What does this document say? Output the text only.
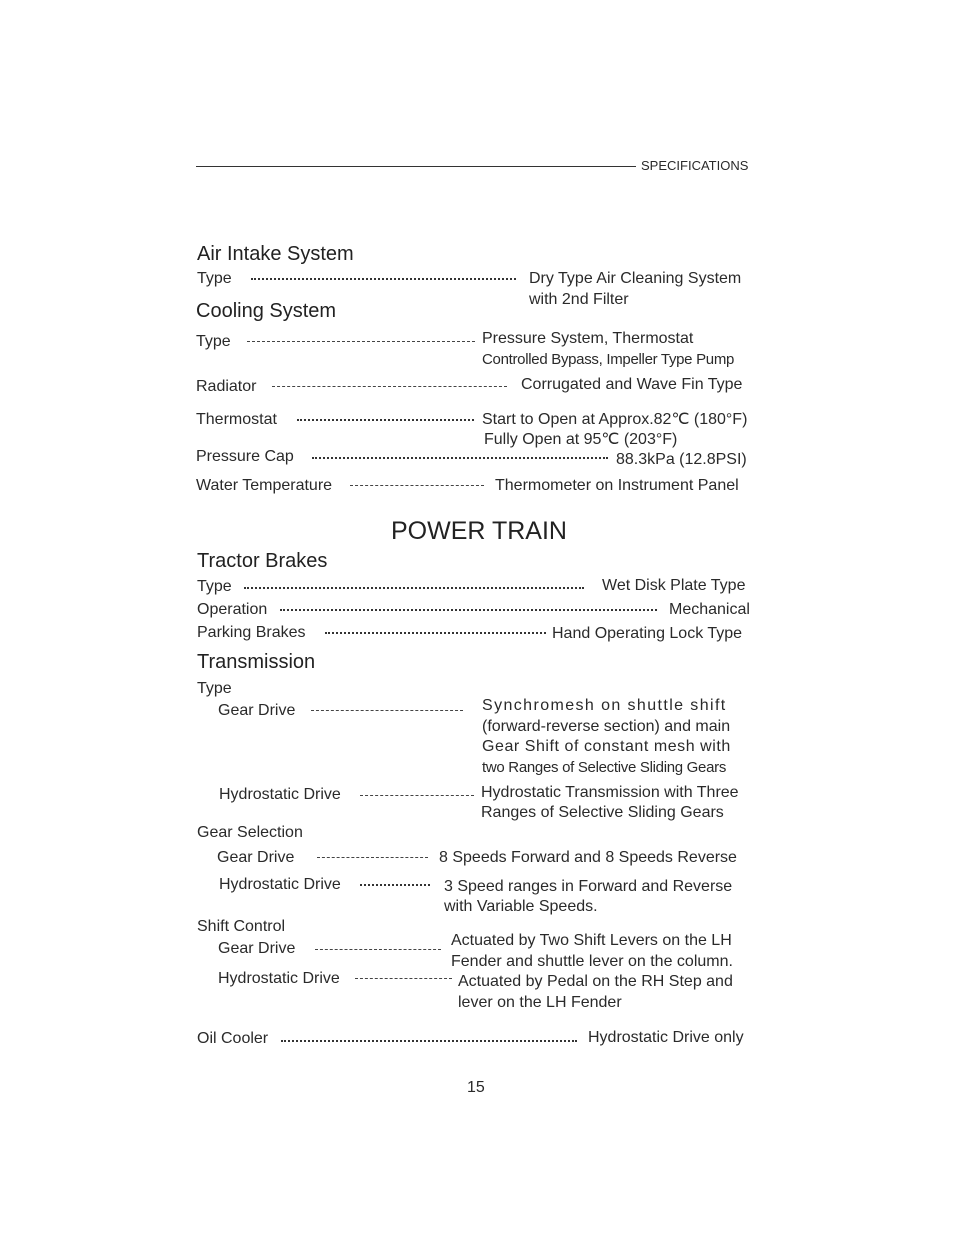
SPECIFICATIONS
Air Intake System
Type	Dry Type Air Cleaning System
with 2nd Filter
Cooling System
Type	Pressure System, Thermostat
Controlled Bypass, Impeller Type Pump
Radiator	Corrugated and Wave Fin Type
Thermostat	Start to Open at Approx.82℃ (180°F)
Fully Open at 95℃ (203°F)
Pressure Cap	88.3kPa (12.8PSI)
Water Temperature	Thermometer on Instrument Panel
POWER TRAIN
Tractor Brakes
Type	Wet Disk Plate Type
Operation	Mechanical
Parking Brakes	Hand Operating Lock Type
Transmission
Type
Gear Drive	Synchromesh on shuttle shift
(forward-reverse section) and main
Gear Shift of constant mesh with
two Ranges of Selective Sliding Gears
Hydrostatic Drive	Hydrostatic Transmission with Three
Ranges of Selective Sliding Gears
Gear Selection
Gear Drive	8 Speeds Forward and 8 Speeds Reverse
Hydrostatic Drive	3 Speed ranges in Forward and Reverse
with Variable Speeds.
Shift Control
Gear Drive	Actuated by Two Shift Levers on the LH
Fender and shuttle lever on the column.
Hydrostatic Drive	Actuated by Pedal on the RH Step and
lever on the LH Fender
Oil Cooler	Hydrostatic Drive only
15
